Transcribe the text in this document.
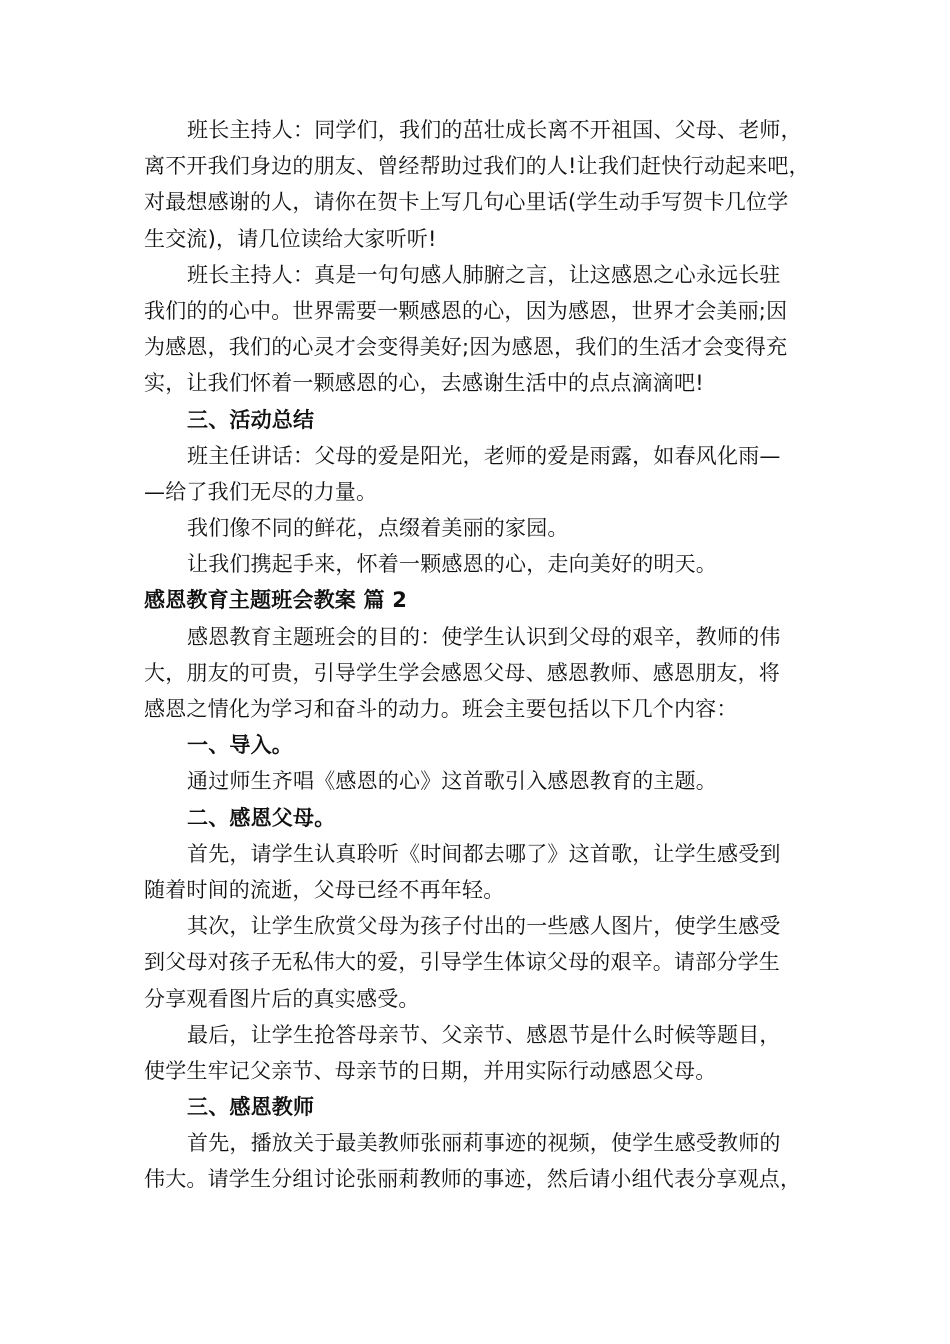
班长主持人：同学们，我们的茁壮成长离不开祖国、父母、老师，
离不开我们身边的朋友、曾经帮助过我们的人!让我们赶快行动起来吧，
对最想感谢的人，请你在贺卡上写几句心里话(学生动手写贺卡几位学
生交流)，请几位读给大家听听!
班长主持人：真是一句句感人肺腑之言，让这感恩之心永远长驻
我们的的心中。世界需要一颗感恩的心，因为感恩，世界才会美丽;因
为感恩，我们的心灵才会变得美好;因为感恩，我们的生活才会变得充
实，让我们怀着一颗感恩的心，去感谢生活中的点点滴滴吧!
三、活动总结
班主任讲话：父母的爱是阳光，老师的爱是雨露，如春风化雨—
—给了我们无尽的力量。
我们像不同的鲜花，点缀着美丽的家园。
让我们携起手来，怀着一颗感恩的心，走向美好的明天。
感恩教育主题班会教案 篇 2
感恩教育主题班会的目的：使学生认识到父母的艰辛，教师的伟
大，朋友的可贵，引导学生学会感恩父母、感恩教师、感恩朋友，将
感恩之情化为学习和奋斗的动力。班会主要包括以下几个内容：
一、导入。
通过师生齐唱《感恩的心》这首歌引入感恩教育的主题。
二、感恩父母。
首先，请学生认真聆听《时间都去哪了》这首歌，让学生感受到
随着时间的流逝，父母已经不再年轻。
其次，让学生欣赏父母为孩子付出的一些感人图片，使学生感受
到父母对孩子无私伟大的爱，引导学生体谅父母的艰辛。请部分学生
分享观看图片后的真实感受。
最后，让学生抢答母亲节、父亲节、感恩节是什么时候等题目，
使学生牢记父亲节、母亲节的日期，并用实际行动感恩父母。
三、感恩教师
首先，播放关于最美教师张丽莉事迹的视频，使学生感受教师的
伟大。请学生分组讨论张丽莉教师的事迹，然后请小组代表分享观点，
